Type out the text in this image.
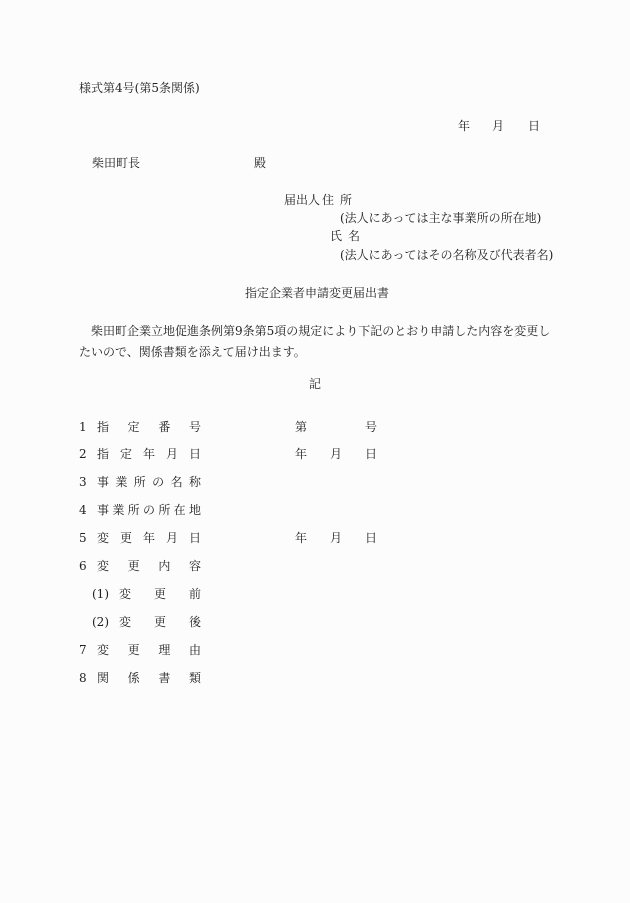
様式第4号(第5条関係)
年 月 日
柴田町長	殿
届出人 住所
(法人にあっては主な事業所の所在地)
氏名
(法人にあってはその名称及び代表者名)
指定企業者申請変更届出書
柴田町企業立地促進条例第9条第5項の規定により下記のとおり申請した内容を変更したいので、関係書類を添えて届け出ます。
記
1 指 定 番 号	第	号
2 指 定 年 月 日	年 月 日
3 事 業 所 の 名 称
4 事 業 所 の 所 在 地
5 変 更 年 月 日	年 月 日
6 変 更 内 容
(1) 変 更 前
(2) 変 更 後
7 変 更 理 由
8 関 係 書 類
